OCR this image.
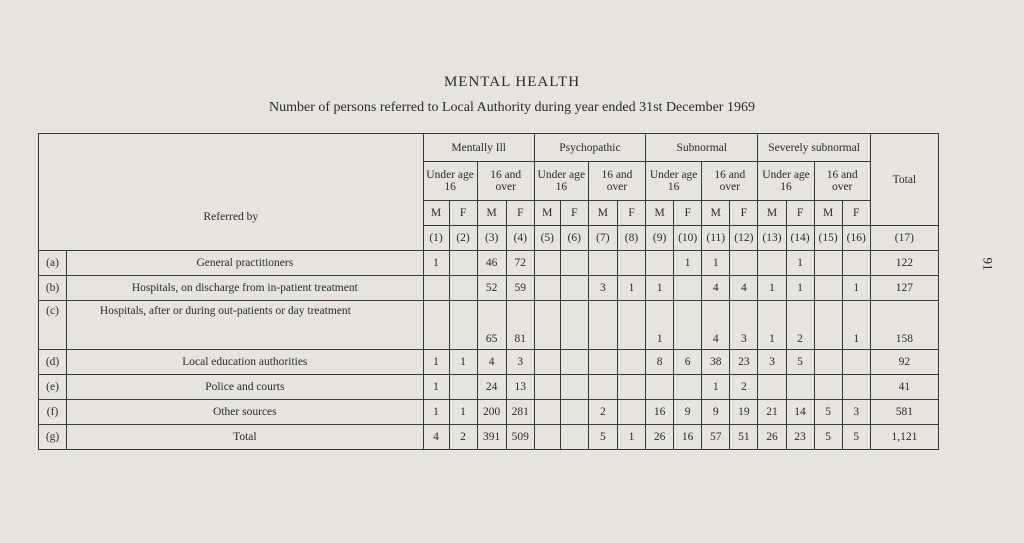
MENTAL HEALTH
Number of persons referred to Local Authority during year ended 31st December 1969
91
Referred by		Mentally Ill				Psychopathic				Subnormal				Severely subnormal				Total
		Under age 16		16 and over		Under age 16		16 and over		Under age 16		16 and over		Under age 16		16 and over		
		M	F	M	F	M	F	M	F	M	F	M	F	M	F	M	F	
		(1)	(2)	(3)	(4)	(5)	(6)	(7)	(8)	(9)	(10)	(11)	(12)	(13)	(14)	(15)	(16)	(17)
(a)	General practitioners	1		46	72						1	1			1			122
(b)	Hospitals, on discharge from in-patient treatment			52	59			3	1	1		4	4	1	1		1	127
(c)	Hospitals, after or during out-patients or day treatment			65	81					1		4	3	1	2		1	158
(d)	Local education authorities	1	1	4	3					8	6	38	23	3	5			92
(e)	Police and courts	1		24	13							1	2					41
(f)	Other sources	1	1	200	281			2		16	9	9	19	21	14	5	3	581
(g)	Total	4	2	391	509			5	1	26	16	57	51	26	23	5	5	1,121
